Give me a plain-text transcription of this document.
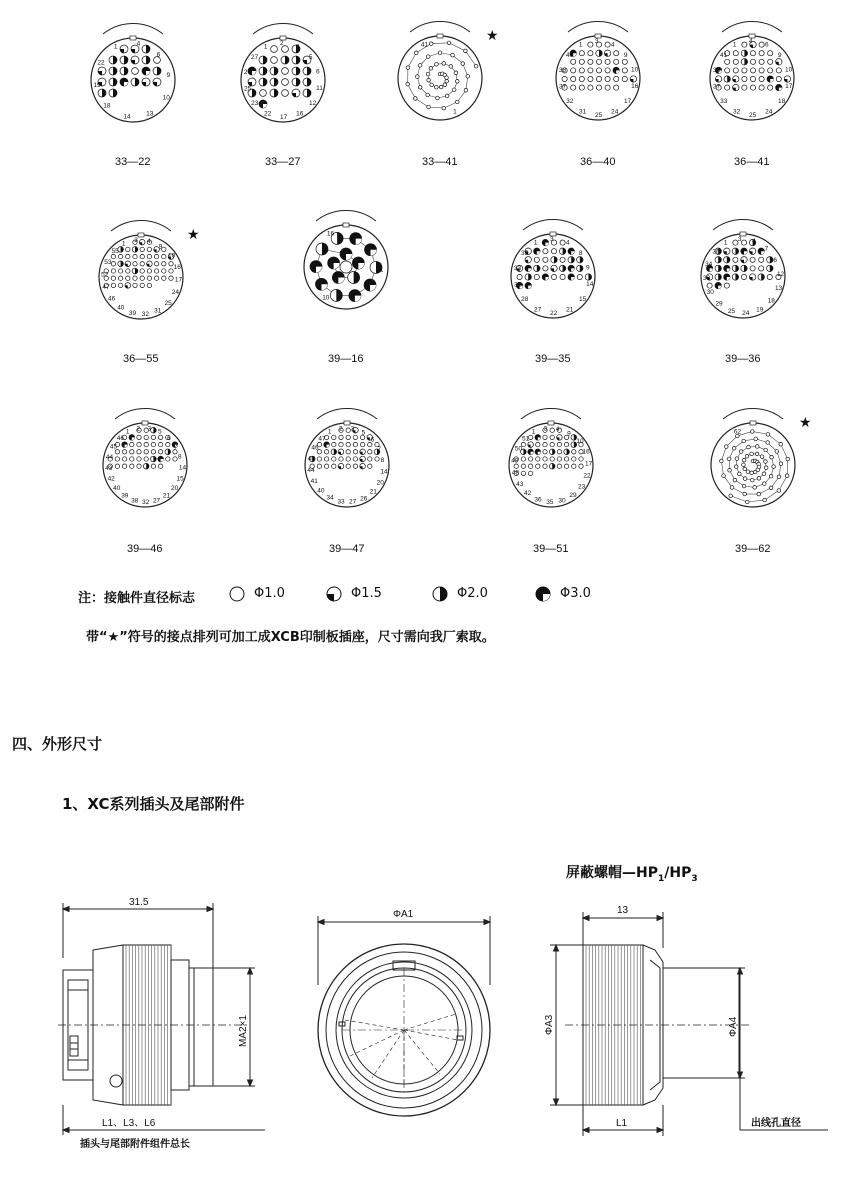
1	4
6
9
10
13
14
18
19
22
1
2
3
5
6
11
12
16
17
22
23
25
26
27
41
1
★
1
3
4
9
10
16
17
24
25
31
32
37
38
40
1
4
6
9
10
17
18
24
25
32
33
37
38
41
1 3 4
9
10
16
17
24
25
31
32
39
40
46
47
52
53
55
★	16
1
10
1
3
4
8
9
14
15
21
22
27
28
32
33
35
1
3 4
7
6
12
13
18
19
24
25
29
30
33
34
36
1 2 3 5
6
7
8
14
15
20
21
27
32
38
39
40
42
43
44
45
46
1 2 3
5
6
7
8
14
20
21
26
27
33
34
40
41
44
45
46
47
1 3 4
9
10
16
17
22
23
29
30
35
36
42
43
48
49
50
51
62
★
33—22	33—27	33—41	36—40	36—41
36—55	39—16	39—35	39—36
39—46	39—47	39—51	39—62
注：接触件直径标志	Φ1.0	Φ1.5	Φ2.0	Φ3.0
带“★”符号的接点排列可加工成XCB印制板插座，尺寸需向我厂索取。
四、外形尺寸
1、XC系列插头及尾部附件
屏蔽螺帽$—HP_1/HP_3$
31.5
MA2×1
L1、L3、L6
插头与尾部附件组件总长
ΦA1	13
ΦA3	ΦA4
L1	出线孔直径
